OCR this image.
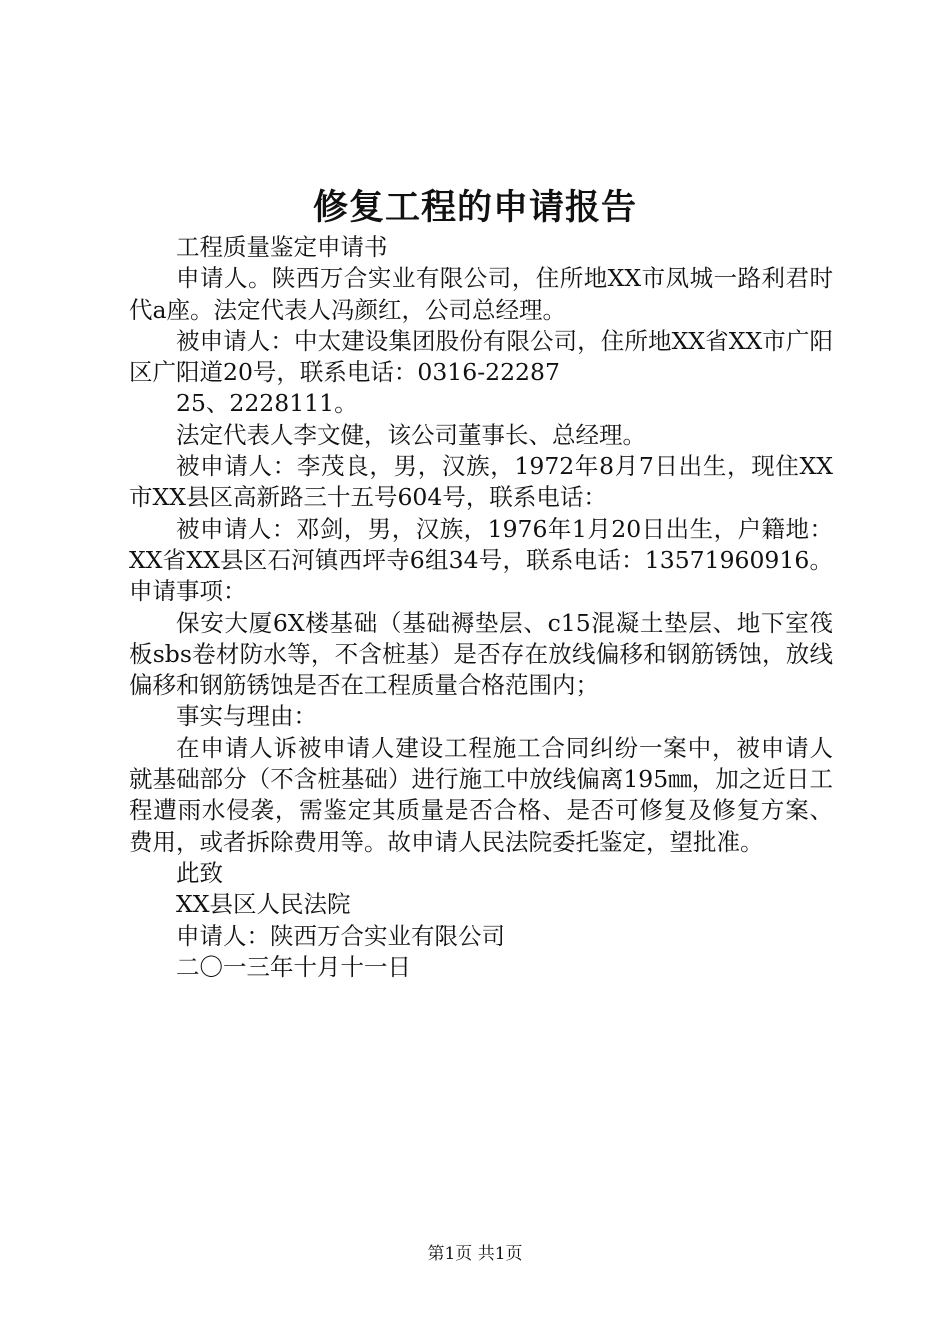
修复工程的申请报告

工程质量鉴定申请书

申请人。陕西万合实业有限公司，住所地XX市凤城一路利君时代a座。法定代表人冯颜红，公司总经理。

被申请人：中太建设集团股份有限公司，住所地XX省XX市广阳区广阳道20号，联系电话：0316-22287

25、2228111。

法定代表人李文健，该公司董事长、总经理。

被申请人：李茂良，男，汉族，1972年8月7日出生，现住XX市XX县区高新路三十五号604号，联系电话：

被申请人：邓剑，男，汉族，1976年1月20日出生，户籍地：XX省XX县区石河镇西坪寺6组34号，联系电话：13571960916。申请事项：

保安大厦6X楼基础（基础褥垫层、c15混凝土垫层、地下室筏板sbs卷材防水等，不含桩基）是否存在放线偏移和钢筋锈蚀，放线偏移和钢筋锈蚀是否在工程质量合格范围内；

事实与理由：

在申请人诉被申请人建设工程施工合同纠纷一案中，被申请人就基础部分（不含桩基础）进行施工中放线偏离195㎜，加之近日工程遭雨水侵袭，需鉴定其质量是否合格、是否可修复及修复方案、费用，或者拆除费用等。故申请人民法院委托鉴定，望批准。

此致

XX县区人民法院

申请人：陕西万合实业有限公司

二〇一三年十月十一日

第1页 共1页
